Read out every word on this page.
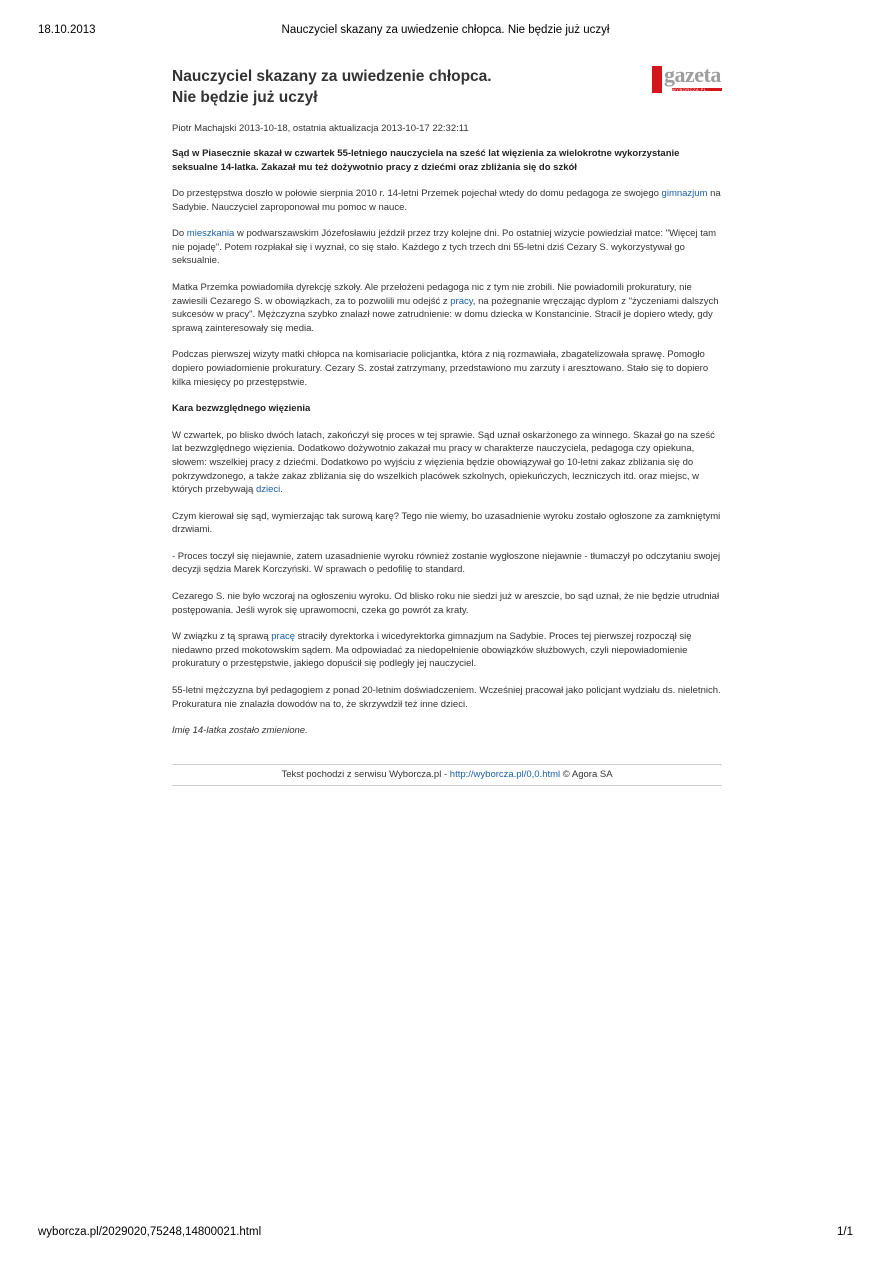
18.10.2013	Nauczyciel skazany za uwiedzenie chłopca. Nie będzie już uczył
Nauczyciel skazany za uwiedzenie chłopca.
Nie będzie już uczył
gazeta
WYBORCZA.PL
Piotr Machajski 2013-10-18, ostatnia aktualizacja 2013-10-17 22:32:11
Sąd w Piasecznie skazał w czwartek 55-letniego nauczyciela na sześć lat więzienia za wielokrotne wykorzystanie seksualne 14-latka. Zakazał mu też dożywotnio pracy z dziećmi oraz zbliżania się do szkół
Do przestępstwa doszło w połowie sierpnia 2010 r. 14-letni Przemek pojechał wtedy do domu pedagoga ze swojego gimnazjum na Sadybie. Nauczyciel zaproponował mu pomoc w nauce.
Do mieszkania w podwarszawskim Józefosławiu jeździł przez trzy kolejne dni. Po ostatniej wizycie powiedział matce: "Więcej tam nie pojadę". Potem rozpłakał się i wyznał, co się stało. Każdego z tych trzech dni 55-letni dziś Cezary S. wykorzystywał go seksualnie.
Matka Przemka powiadomiła dyrekcję szkoły. Ale przełożeni pedagoga nic z tym nie zrobili. Nie powiadomili prokuratury, nie zawiesili Cezarego S. w obowiązkach, za to pozwolili mu odejść z pracy, na pożegnanie wręczając dyplom z "życzeniami dalszych sukcesów w pracy". Mężczyzna szybko znalazł nowe zatrudnienie: w domu dziecka w Konstancinie. Stracił je dopiero wtedy, gdy sprawą zainteresowały się media.
Podczas pierwszej wizyty matki chłopca na komisariacie policjantka, która z nią rozmawiała, zbagatelizowała sprawę. Pomogło dopiero powiadomienie prokuratury. Cezary S. został zatrzymany, przedstawiono mu zarzuty i aresztowano. Stało się to dopiero kilka miesięcy po przestępstwie.
Kara bezwzględnego więzienia
W czwartek, po blisko dwóch latach, zakończył się proces w tej sprawie. Sąd uznał oskarżonego za winnego. Skazał go na sześć lat bezwzględnego więzienia. Dodatkowo dożywotnio zakazał mu pracy w charakterze nauczyciela, pedagoga czy opiekuna, słowem: wszelkiej pracy z dziećmi. Dodatkowo po wyjściu z więzienia będzie obowiązywał go 10-letni zakaz zbliżania się do pokrzywdzonego, a także zakaz zbliżania się do wszelkich placówek szkolnych, opiekuńczych, leczniczych itd. oraz miejsc, w których przebywają dzieci.
Czym kierował się sąd, wymierzając tak surową karę? Tego nie wiemy, bo uzasadnienie wyroku zostało ogłoszone za zamkniętymi drzwiami.
- Proces toczył się niejawnie, zatem uzasadnienie wyroku również zostanie wygłoszone niejawnie - tłumaczył po odczytaniu swojej decyzji sędzia Marek Korczyński. W sprawach o pedofilię to standard.
Cezarego S. nie było wczoraj na ogłoszeniu wyroku. Od blisko roku nie siedzi już w areszcie, bo sąd uznał, że nie będzie utrudniał postępowania. Jeśli wyrok się uprawomocni, czeka go powrót za kraty.
W związku z tą sprawą pracę straciły dyrektorka i wicedyrektorka gimnazjum na Sadybie. Proces tej pierwszej rozpoczął się niedawno przed mokotowskim sądem. Ma odpowiadać za niedopełnienie obowiązków służbowych, czyli niepowiadomienie prokuratury o przestępstwie, jakiego dopuścił się podległy jej nauczyciel.
55-letni mężczyzna był pedagogiem z ponad 20-letnim doświadczeniem. Wcześniej pracował jako policjant wydziału ds. nieletnich. Prokuratura nie znalazła dowodów na to, że skrzywdził też inne dzieci.
Imię 14-latka zostało zmienione.
Tekst pochodzi z serwisu Wyborcza.pl - http://wyborcza.pl/0,0.html © Agora SA
wyborcza.pl/2029020,75248,14800021.html	1/1
